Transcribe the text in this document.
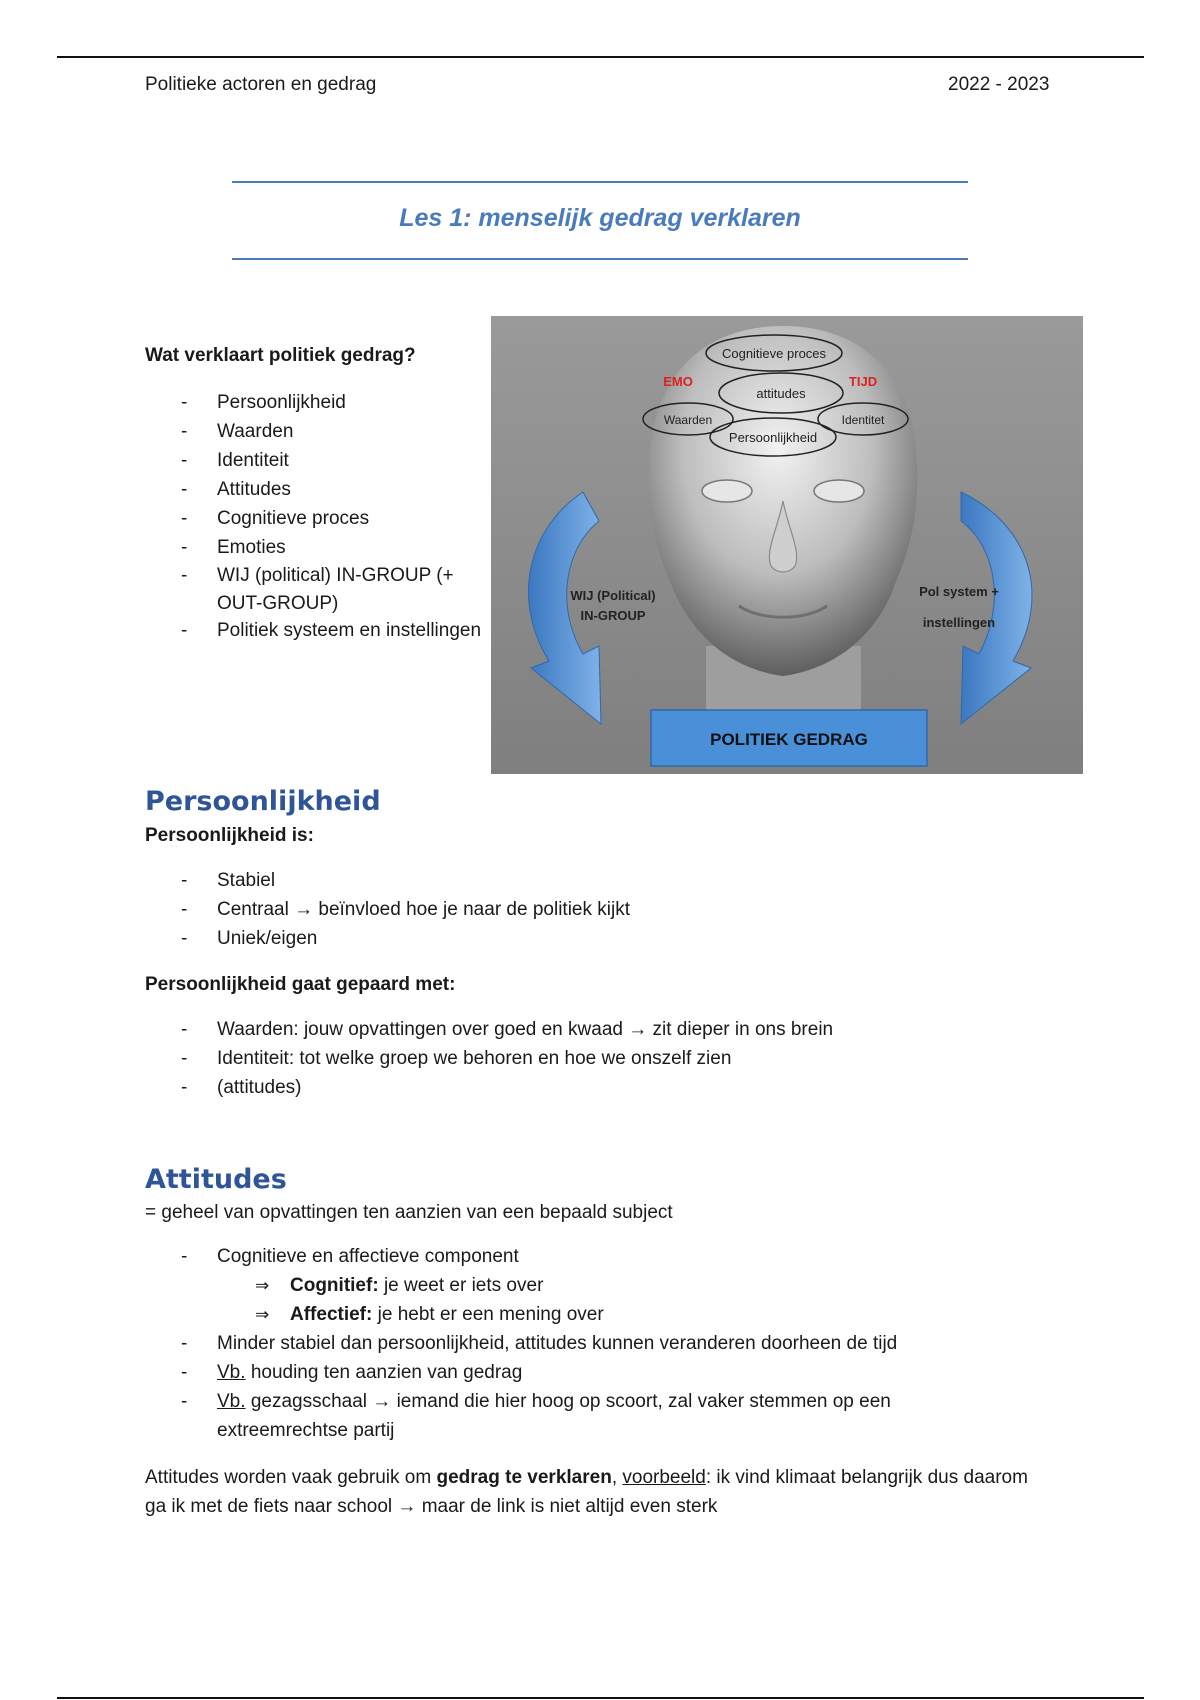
Politieke actoren en gedrag	2022 - 2023
Les 1: menselijk gedrag verklaren
Wat verklaart politiek gedrag?
- Persoonlijkheid
- Waarden
- Identiteit
- Attitudes
- Cognitieve proces
- Emoties
- WIJ (political) IN-GROUP (+ OUT-GROUP)
- Politiek systeem en instellingen
Cognitieve proces
attitudes
Waarden	Identitet
Persoonlijkheid
EMO	TIJD
WIJ (Political)
IN-GROUP
Pol system +
instellingen
POLITIEK GEDRAG
Persoonlijkheid
Persoonlijkheid is:
- Stabiel
- Centraal → beïnvloed hoe je naar de politiek kijkt
- Uniek/eigen
Persoonlijkheid gaat gepaard met:
- Waarden: jouw opvattingen over goed en kwaad → zit dieper in ons brein
- Identiteit: tot welke groep we behoren en hoe we onszelf zien
- (attitudes)
Attitudes
= geheel van opvattingen ten aanzien van een bepaald subject
- Cognitieve en affectieve component
⇒ Cognitief: je weet er iets over
⇒ Affectief: je hebt er een mening over
- Minder stabiel dan persoonlijkheid, attitudes kunnen veranderen doorheen de tijd
- Vb. houding ten aanzien van gedrag
- Vb. gezagsschaal → iemand die hier hoog op scoort, zal vaker stemmen op een extreemrechtse partij
Attitudes worden vaak gebruik om gedrag te verklaren, voorbeeld: ik vind klimaat belangrijk dus daarom ga ik met de fiets naar school → maar de link is niet altijd even sterk
